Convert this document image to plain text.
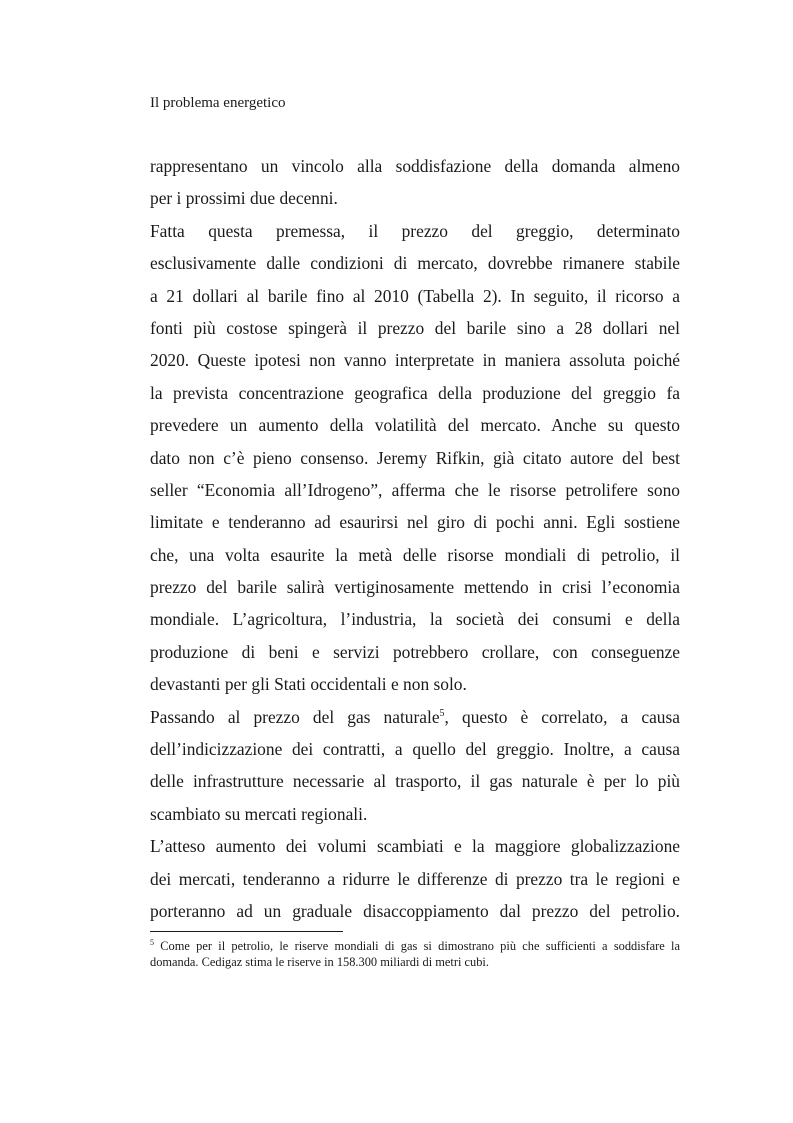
Il problema energetico
rappresentano un vincolo alla soddisfazione della domanda almeno
per i prossimi due decenni.
Fatta questa premessa, il prezzo del greggio, determinato
esclusivamente dalle condizioni di mercato, dovrebbe rimanere stabile
a 21 dollari al barile fino al 2010 (Tabella 2). In seguito, il ricorso a
fonti più costose spingerà il prezzo del barile sino a 28 dollari nel
2020. Queste ipotesi non vanno interpretate in maniera assoluta poiché
la prevista concentrazione geografica della produzione del greggio fa
prevedere un aumento della volatilità del mercato. Anche su questo
dato non c’è pieno consenso. Jeremy Rifkin, già citato autore del best
seller “Economia all’Idrogeno”, afferma che le risorse petrolifere sono
limitate e tenderanno ad esaurirsi nel giro di pochi anni. Egli sostiene
che, una volta esaurite la metà delle risorse mondiali di petrolio, il
prezzo del barile salirà vertiginosamente mettendo in crisi l’economia
mondiale. L’agricoltura, l’industria, la società dei consumi e della
produzione di beni e servizi potrebbero crollare, con conseguenze
devastanti per gli Stati occidentali e non solo.
Passando al prezzo del gas naturale$^5$, questo è correlato, a causa
dell’indicizzazione dei contratti, a quello del greggio. Inoltre, a causa
delle infrastrutture necessarie al trasporto, il gas naturale è per lo più
scambiato su mercati regionali.
L’atteso aumento dei volumi scambiati e la maggiore globalizzazione
dei mercati, tenderanno a ridurre le differenze di prezzo tra le regioni e
porteranno ad un graduale disaccoppiamento dal prezzo del petrolio.
$^5$ Come per il petrolio, le riserve mondiali di gas si dimostrano più che sufficienti a soddisfare la
domanda. Cedigaz stima le riserve in 158.300 miliardi di metri cubi.
